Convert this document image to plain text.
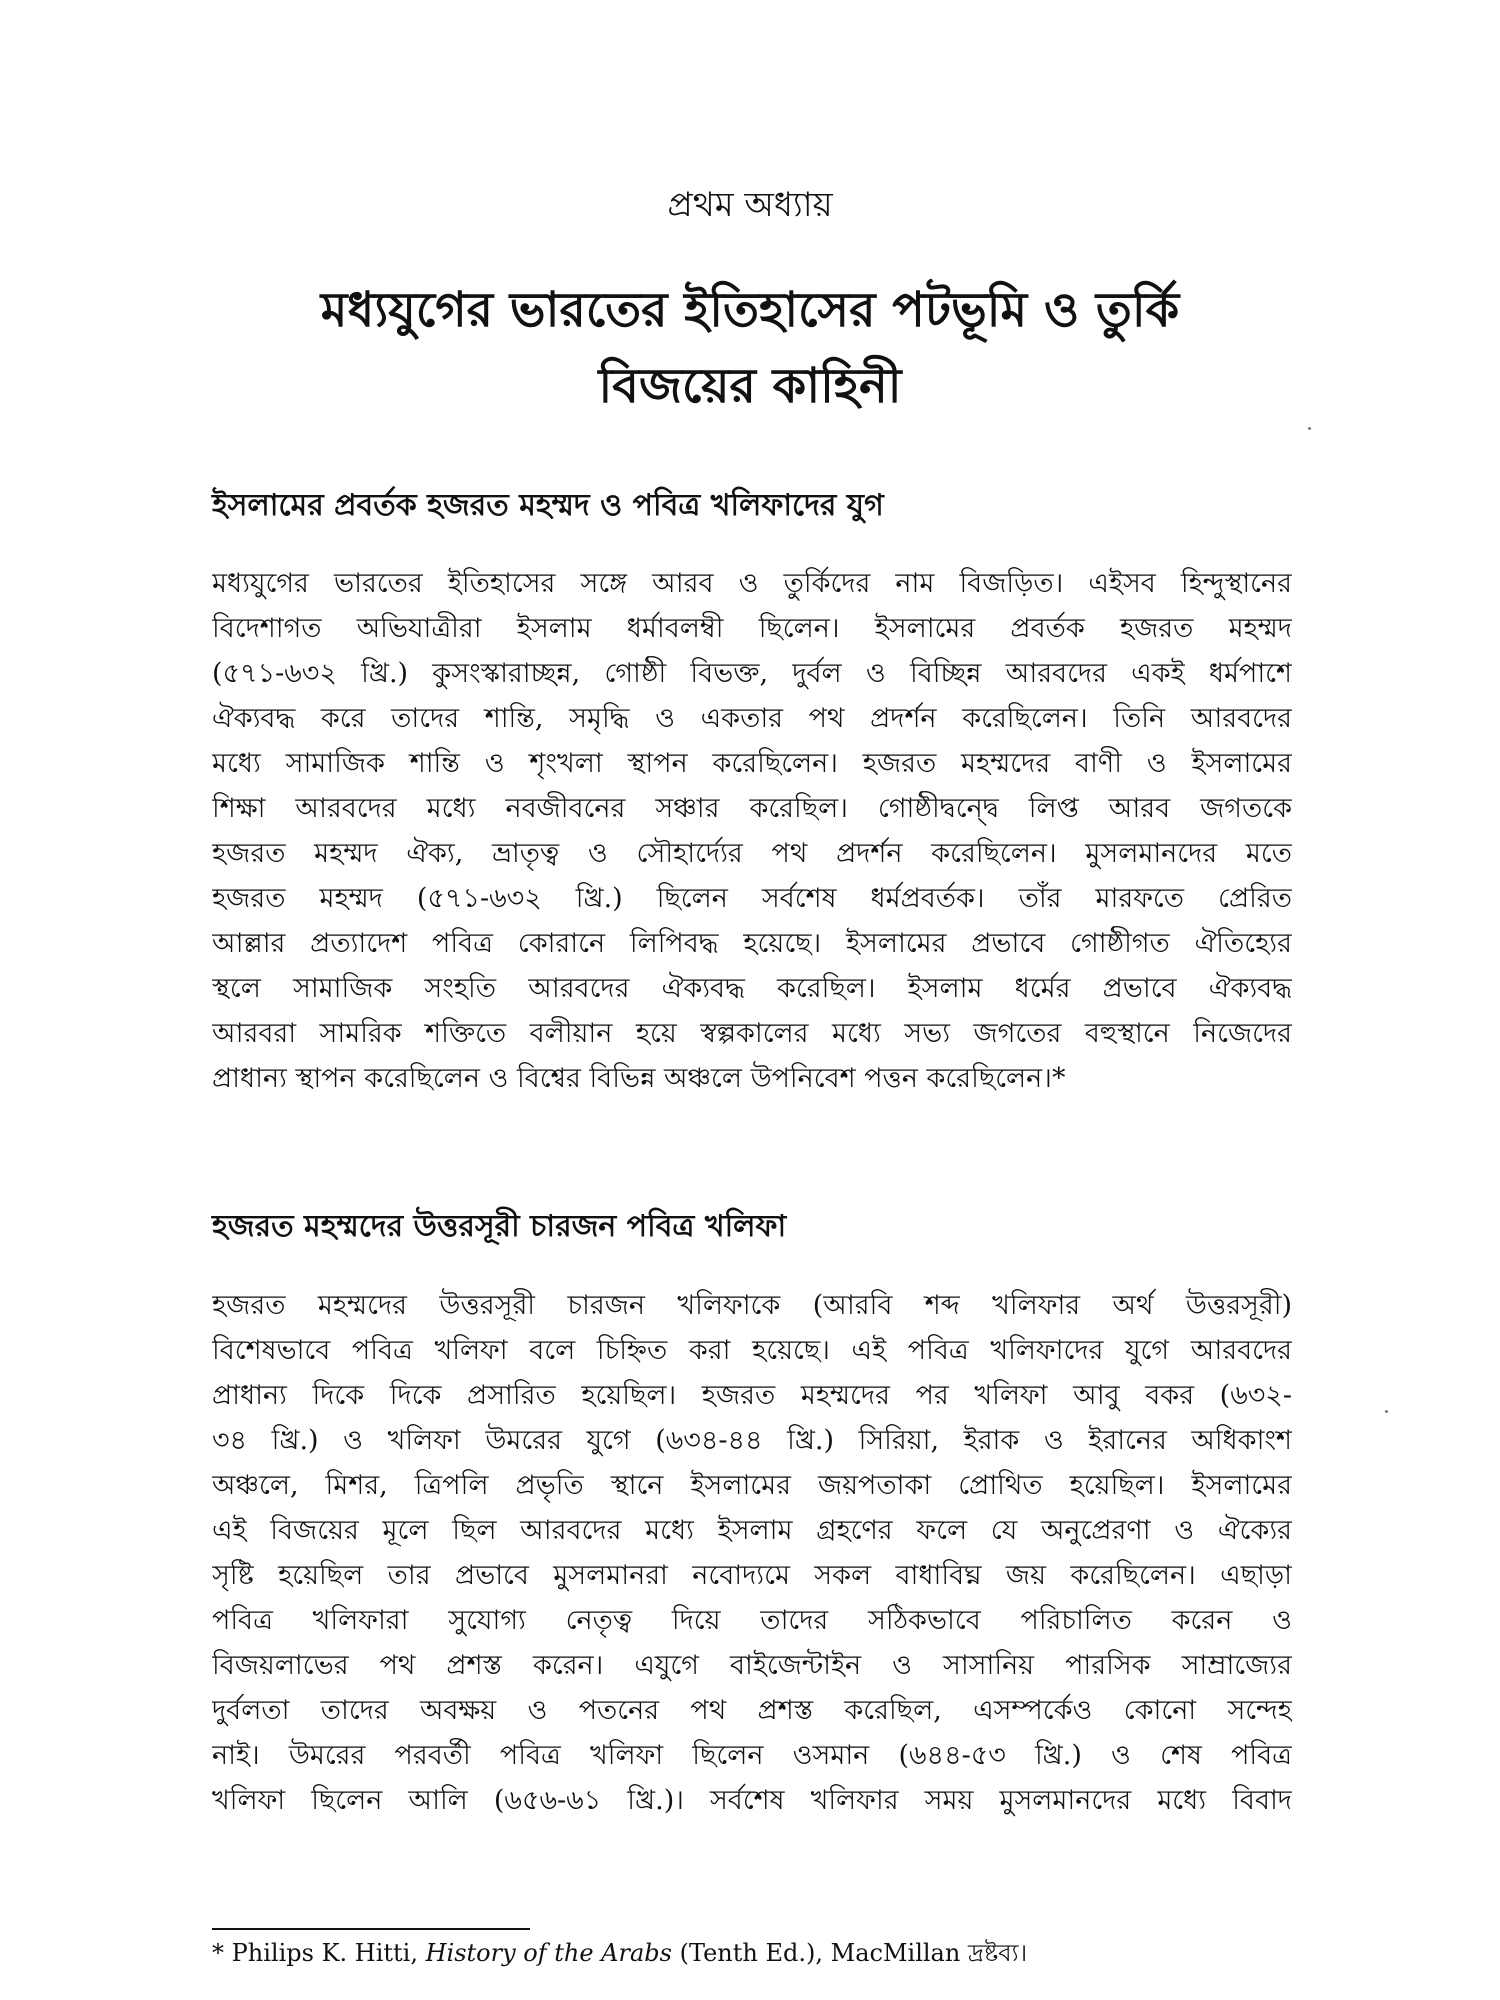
প্রথম অধ্যায়
মধ্যযুগের ভারতের ইতিহাসের পটভূমি ও তুর্কি
বিজয়ের কাহিনী
ইসলামের প্রবর্তক হজরত মহম্মদ ও পবিত্র খলিফাদের যুগ
মধ্যযুগের ভারতের ইতিহাসের সঙ্গে আরব ও তুর্কিদের নাম বিজড়িত। এইসব হিন্দুস্থানের
বিদেশাগত অভিযাত্রীরা ইসলাম ধর্মাবলম্বী ছিলেন। ইসলামের প্রবর্তক হজরত মহম্মদ
(৫৭১-৬৩২ খ্রি.) কুসংস্কারাচ্ছন্ন, গোষ্ঠী বিভক্ত, দুর্বল ও বিচ্ছিন্ন আরবদের একই ধর্মপাশে
ঐক্যবদ্ধ করে তাদের শান্তি, সমৃদ্ধি ও একতার পথ প্রদর্শন করেছিলেন। তিনি আরবদের
মধ্যে সামাজিক শান্তি ও শৃংখলা স্থাপন করেছিলেন। হজরত মহম্মদের বাণী ও ইসলামের
শিক্ষা আরবদের মধ্যে নবজীবনের সঞ্চার করেছিল। গোষ্ঠীদ্বন্দ্বে লিপ্ত আরব জগতকে
হজরত মহম্মদ ঐক্য, ভ্রাতৃত্ব ও সৌহার্দ্যের পথ প্রদর্শন করেছিলেন। মুসলমানদের মতে
হজরত মহম্মদ (৫৭১-৬৩২ খ্রি.) ছিলেন সর্বশেষ ধর্মপ্রবর্তক। তাঁর মারফতে প্রেরিত
আল্লার প্রত্যাদেশ পবিত্র কোরানে লিপিবদ্ধ হয়েছে। ইসলামের প্রভাবে গোষ্ঠীগত ঐতিহ্যের
স্থলে সামাজিক সংহতি আরবদের ঐক্যবদ্ধ করেছিল। ইসলাম ধর্মের প্রভাবে ঐক্যবদ্ধ
আরবরা সামরিক শক্তিতে বলীয়ান হয়ে স্বল্পকালের মধ্যে সভ্য জগতের বহুস্থানে নিজেদের
প্রাধান্য স্থাপন করেছিলেন ও বিশ্বের বিভিন্ন অঞ্চলে উপনিবেশ পত্তন করেছিলেন।*
হজরত মহম্মদের উত্তরসূরী চারজন পবিত্র খলিফা
হজরত মহম্মদের উত্তরসূরী চারজন খলিফাকে (আরবি শব্দ খলিফার অর্থ উত্তরসূরী)
বিশেষভাবে পবিত্র খলিফা বলে চিহ্নিত করা হয়েছে। এই পবিত্র খলিফাদের যুগে আরবদের
প্রাধান্য দিকে দিকে প্রসারিত হয়েছিল। হজরত মহম্মদের পর খলিফা আবু বকর (৬৩২-
৩৪ খ্রি.) ও খলিফা উমরের যুগে (৬৩৪-৪৪ খ্রি.) সিরিয়া, ইরাক ও ইরানের অধিকাংশ
অঞ্চলে, মিশর, ত্রিপলি প্রভৃতি স্থানে ইসলামের জয়পতাকা প্রোথিত হয়েছিল। ইসলামের
এই বিজয়ের মূলে ছিল আরবদের মধ্যে ইসলাম গ্রহণের ফলে যে অনুপ্রেরণা ও ঐক্যের
সৃষ্টি হয়েছিল তার প্রভাবে মুসলমানরা নবোদ্যমে সকল বাধাবিঘ্ন জয় করেছিলেন। এছাড়া
পবিত্র খলিফারা সুযোগ্য নেতৃত্ব দিয়ে তাদের সঠিকভাবে পরিচালিত করেন ও
বিজয়লাভের পথ প্রশস্ত করেন। এযুগে বাইজেন্টাইন ও সাসানিয় পারসিক সাম্রাজ্যের
দুর্বলতা তাদের অবক্ষয় ও পতনের পথ প্রশস্ত করেছিল, এসম্পর্কেও কোনো সন্দেহ
নাই। উমরের পরবর্তী পবিত্র খলিফা ছিলেন ওসমান (৬৪৪-৫৩ খ্রি.) ও শেষ পবিত্র
খলিফা ছিলেন আলি (৬৫৬-৬১ খ্রি.)। সর্বশেষ খলিফার সময় মুসলমানদের মধ্যে বিবাদ
* Philips K. Hitti, History of the Arabs (Tenth Ed.), MacMillan দ্রষ্টব্য।
